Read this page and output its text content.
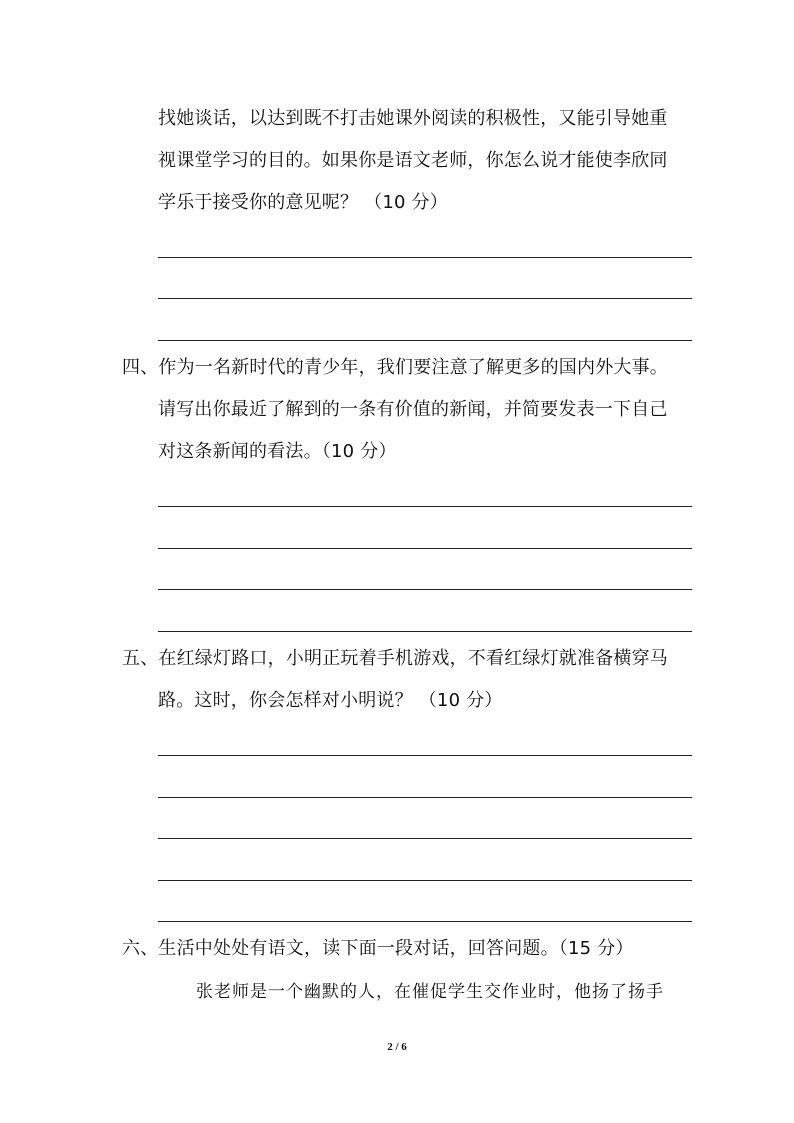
找她谈话，以达到既不打击她课外阅读的积极性，又能引导她重
视课堂学习的目的。如果你是语文老师，你怎么说才能使李欣同
学乐于接受你的意见呢？ （10 分）
四、作为一名新时代的青少年，我们要注意了解更多的国内外大事。
请写出你最近了解到的一条有价值的新闻，并简要发表一下自己
对这条新闻的看法。（10 分）
五、在红绿灯路口，小明正玩着手机游戏，不看红绿灯就准备横穿马
路。这时，你会怎样对小明说？ （10 分）
六、生活中处处有语文，读下面一段对话，回答问题。（15 分）
张老师是一个幽默的人，在催促学生交作业时，他扬了扬手
2 / 6
